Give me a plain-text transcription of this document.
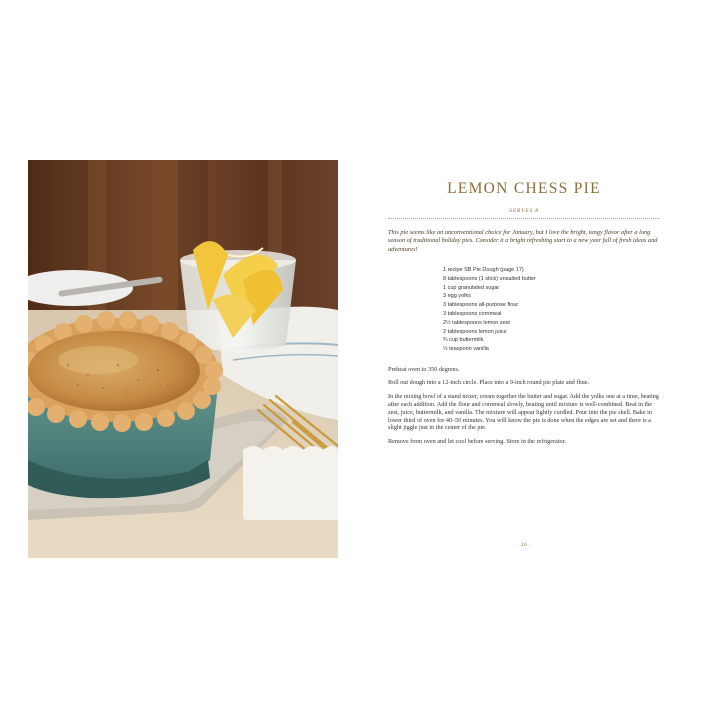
LEMON CHESS PIE
SERVES 8

This pie seems like an unconventional choice for January, but I love the bright, tangy flavor after a long season of traditional holiday pies. Consider it a bright refreshing start to a new year full of fresh ideas and adventures!

1 recipe SB Pie Dough (page 17)
8 tablespoons (1 stick) unsalted butter
1 cup granulated sugar
3 egg yolks
3 tablespoons all-purpose flour
3 tablespoons cornmeal
2½ tablespoons lemon zest
2 tablespoons lemon juice
¾ cup buttermilk
½ teaspoon vanilla

Preheat oven to 350 degrees.

Roll out dough into a 12-inch circle. Place into a 9-inch round pie plate and flute.

In the mixing bowl of a stand mixer, cream together the butter and sugar. Add the yolks one at a time, beating after each addition. Add the flour and cornmeal slowly, beating until mixture is well-combined. Beat in the zest, juice, buttermilk, and vanilla. The mixture will appear lightly curdled. Pour into the pie shell. Bake in lower third of oven for 40–50 minutes. You will know the pie is done when the edges are set and there is a slight jiggle just in the center of the pie.

Remove from oven and let cool before serving. Store in the refrigerator.

· 20 ·
